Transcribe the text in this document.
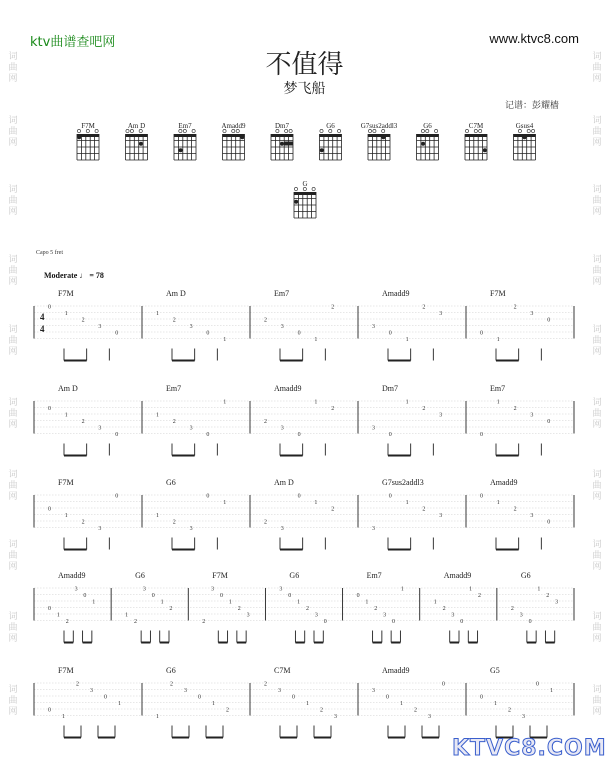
ktv曲谱查吧网	www.ktvc8.com
不值得
梦飞船
记谱：彭耀樯
Capo 5 fret
Moderate ♩ = 78
F7M	Am D	Em7	Amadd9	Dm7	G6	G7sus2addl3	G6	C7M	Gsus4
G
4
4
F7M
0
1
2
3
0
Am D
1
2
3
0
1
Em7
2
3
0
1
2
Amadd9
3
0
1
2
3
F7M
0
1
2
3
0
Am D
0
1
2
3
0
Em7
1
2
3
0
1
Amadd9
2
3
0
1
2
Dm7
3
0
1
2
3
Em7
0
1
2
3
0
F7M
0
1
2
3
0
G6
1
2
3
0
1
Am D
2
3
0
1
2
G7sus2addl3
3
0
1
2
3
Amadd9
0
1
2
3
0
Amadd9
0
1
2
3
0
1
G6
1
2
3
0
1
2
F7M
2
3
0
1
2
3
G6
3
0
1
2
3
0
Em7
0
1
2
3
0
1
Amadd9
1
2
3
0
1
2
G6
2
3
0
1
2
3
F7M
0
1
2
3
0
1
G6
1
2
3
0
1
2
C7M
2
3
0
1
2
3
Amadd9
3
0
1
2
3
0
G5
0
1
2
3
0
1
词
曲
网
词
曲
网
词
曲
网
词
曲
网
词
曲
网
词
曲
网
词
曲
网
词
曲
网
词
曲
网
词
曲
网
词
曲
网
词
曲
网
词
曲
网
词
曲
网
词
曲
网
词
曲
网
词
曲
网
词
曲
网
词
曲
网
词
曲
网
KTVC8.COM
